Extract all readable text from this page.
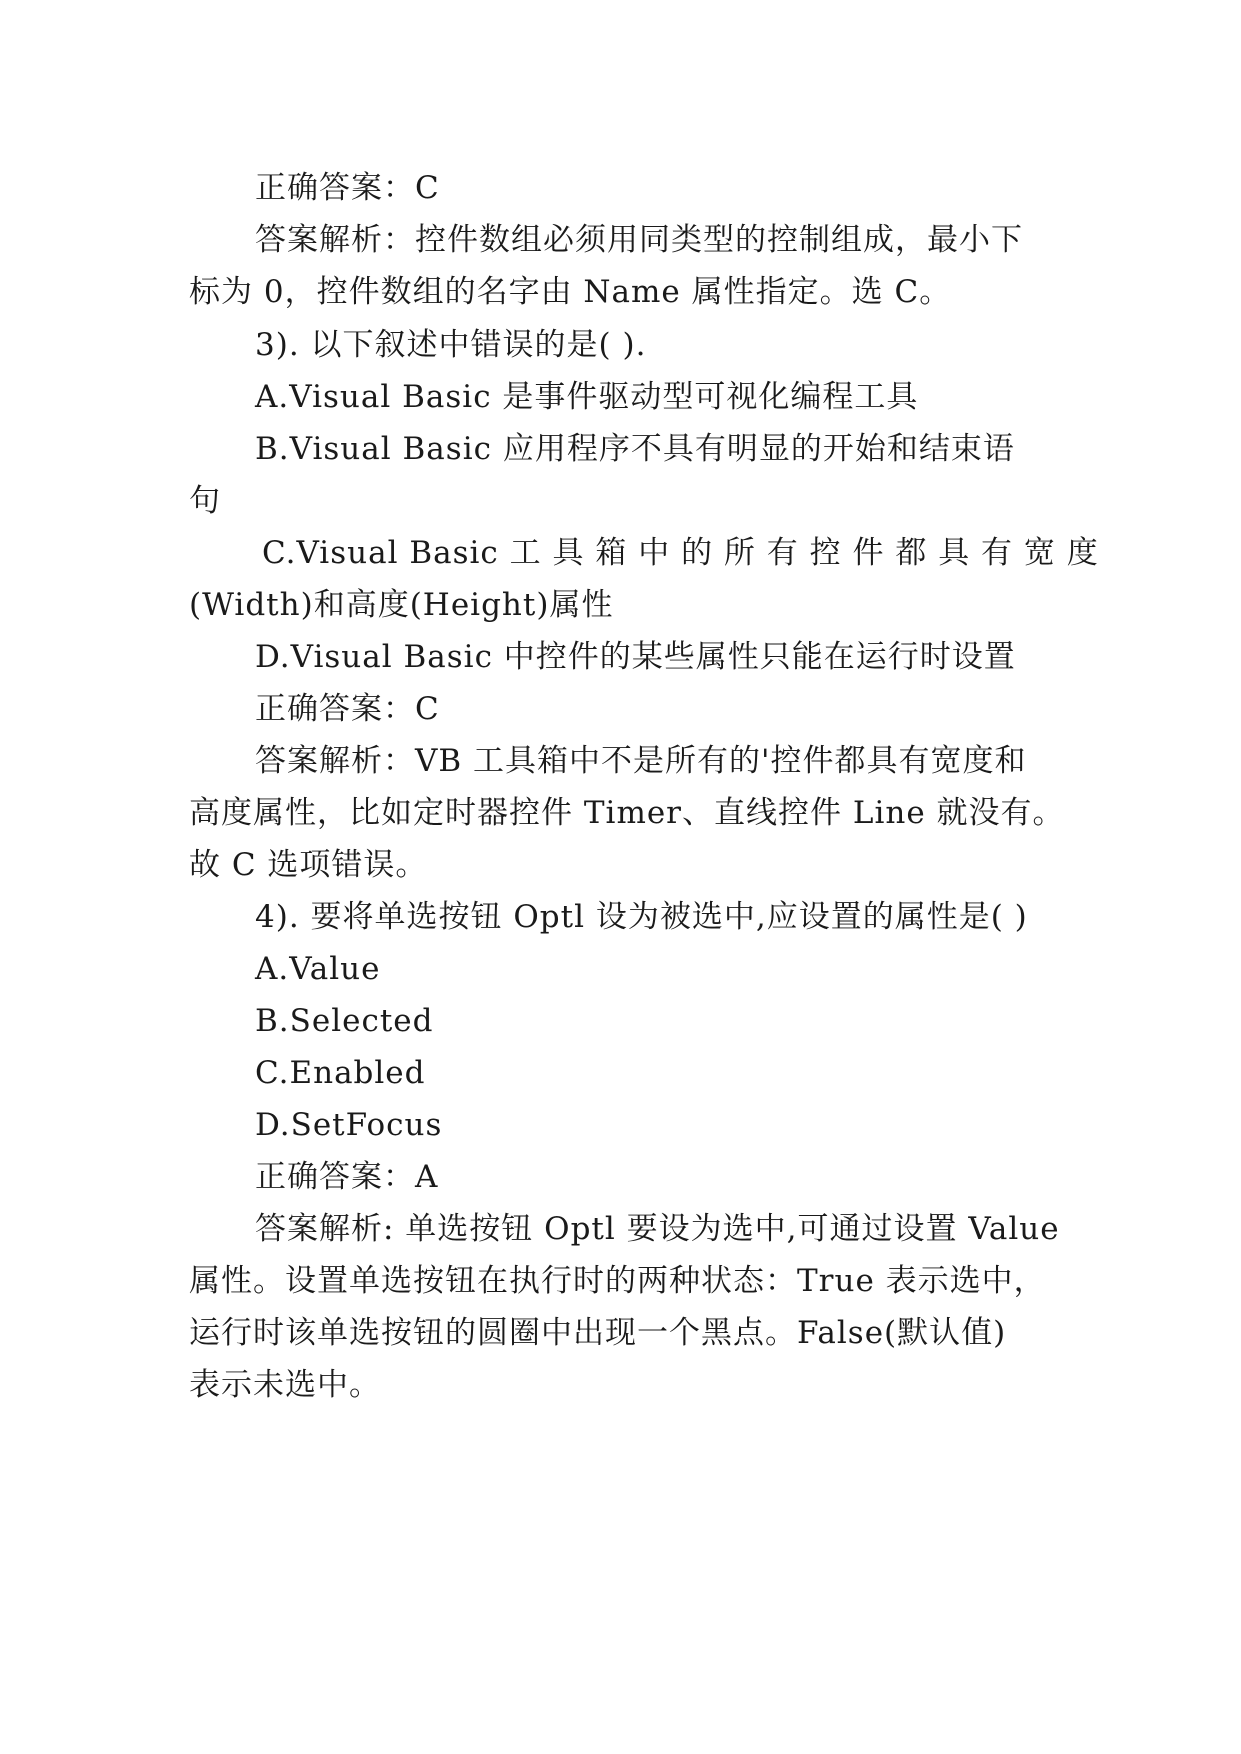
正确答案：C

答案解析：控件数组必须用同类型的控制组成，最小下

标为 0，控件数组的名字由 Name 属性指定。选 C。

3). 以下叙述中错误的是( ).

A.Visual Basic 是事件驱动型可视化编程工具

B.Visual Basic 应用程序不具有明显的开始和结束语

句

C.Visual Basic 工 具 箱 中 的 所 有 控 件 都 具 有 宽 度

(Width)和高度(Height)属性

D.Visual Basic 中控件的某些属性只能在运行时设置

正确答案：C

答案解析：VB 工具箱中不是所有的'控件都具有宽度和

高度属性，比如定时器控件 Timer、直线控件 Line 就没有。

故 C 选项错误。

4). 要将单选按钮 Optl 设为被选中,应设置的属性是( )

A.Value

B.Selected

C.Enabled

D.SetFocus

正确答案：A

答案解析: 单选按钮 Optl 要设为选中,可通过设置 Value

属性。设置单选按钮在执行时的两种状态：True 表示选中，

运行时该单选按钮的圆圈中出现一个黑点。False(默认值)

表示未选中。
